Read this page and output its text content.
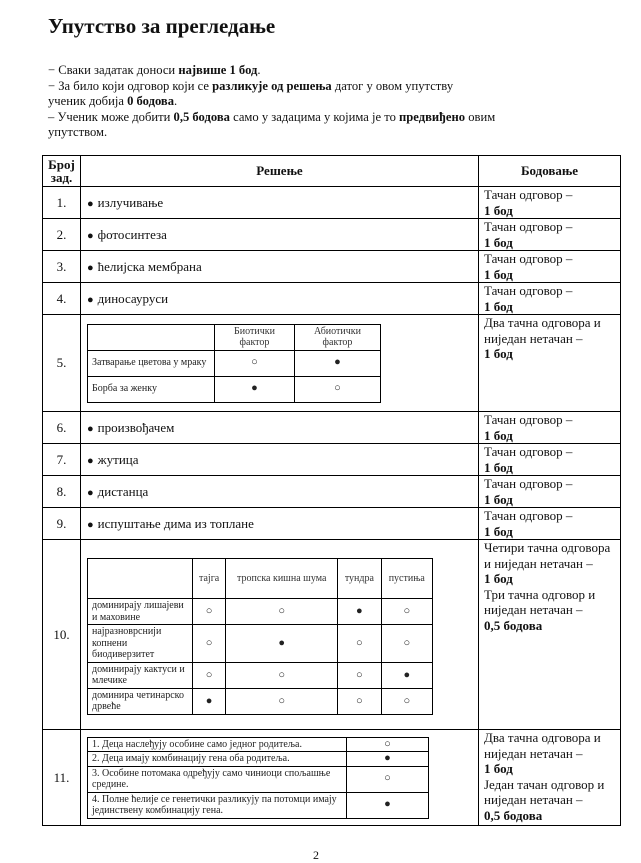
Упутство за прегледање

− Сваки задатак доноси највише 1 бод.

− За било који одговор који се разликује од решења датог у овом упутству ученик добија 0 бодова.

– Ученик може добити 0,5 бодова само у задацима у којима је то предвиђено овим упутством.

Број зад.	Решење	Бодовање
1.	● излучивање	Тачан одговор –
1 бод

2.	● фотосинтеза	Тачан одговор –
1 бод

3.	● ћелијска мембрана	Тачан одговор –
1 бод

4.	● диносауруси	Тачан одговор –
1 бод

5.	
	Биотички фактор	Абиотички фактор
Затварање цветова у мраку	○	●
Борба за женку	●	○

Два тачна одговора и ниједан нетачан –
1 бод

6.	● произвођачем	Тачан одговор –
1 бод

7.	● жутица	Тачан одговор –
1 бод

8.	● дистанца	Тачан одговор –
1 бод

9.	● испуштање дима из топлане	Тачан одговор –
1 бод

10.	
	тајга	тропска кишна шума	тундра	пустиња
доминирају лишајеви и маховине	○	○	●	○
најразноврснији копнени биодиверзитет	○	●	○	○
доминирају кактуси и млечике	○	○	○	●
доминира четинарско дрвеће	●	○	○	○

Четири тачна одговора и ниједан нетачан –
1 бод
Три тачна одговор и ниједан нетачан –
0,5 бодова

11.	
1. Деца наслеђују особине само једног родитеља.	○
2. Деца имају комбинацију гена оба родитеља.	●
3. Особине потомака одређују само чиниоци спољашње средине.	○
4. Полне ћелије се генетички разликују па потомци имају јединствену комбинацију гена.	●

Два тачна одговора и ниједан нетачан –
1 бод
Један тачан одговор и ниједан нетачан –
0,5 бодова
2
